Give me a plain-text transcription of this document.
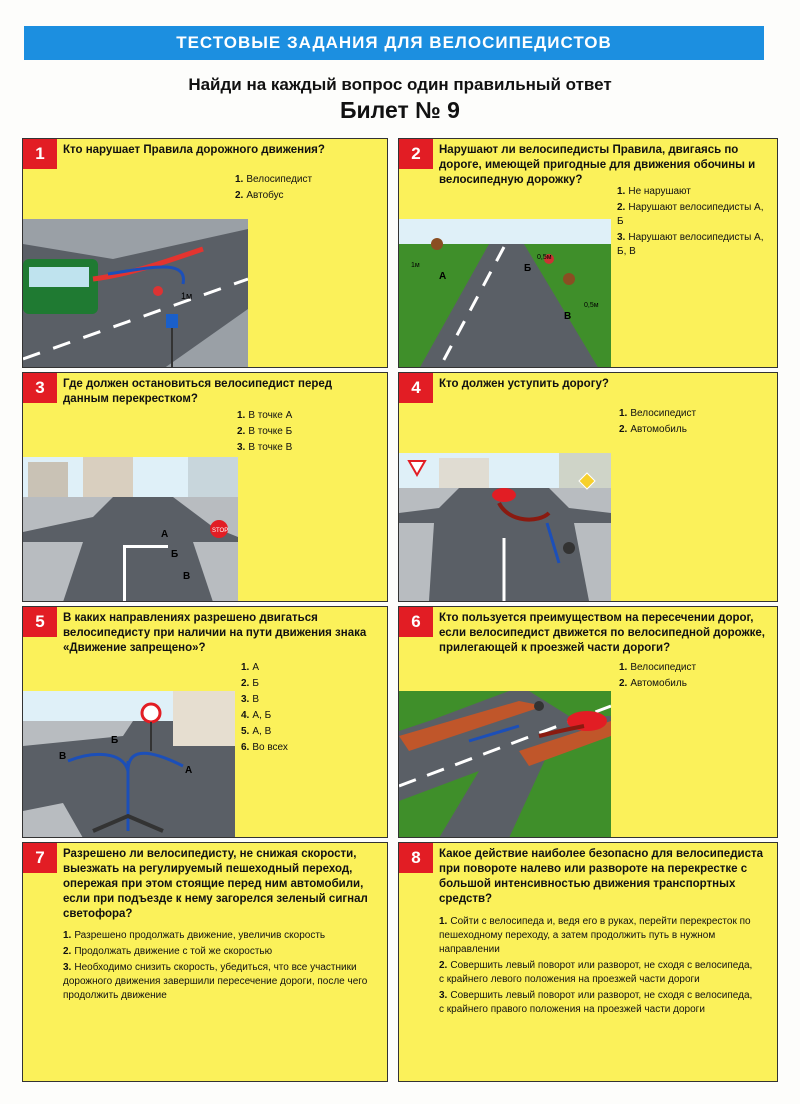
ТЕСТОВЫЕ ЗАДАНИЯ ДЛЯ ВЕЛОСИПЕДИСТОВ
Найди на каждый вопрос один правильный ответ
Билет № 9
1	Кто нарушает Правила дорожного движения?
1. Велосипедист
2. Автобус
1м
2	Нарушают ли велосипедисты Правила, двигаясь по дороге, имеющей пригодные для движения обочины и велосипедную дорожку?
1. Не нарушают
2. Нарушают велосипедисты А, Б
3. Нарушают велосипедисты А, Б, В
А
Б
В
1м
0,5м
0,5м
3	Где должен остановиться велосипедист перед данным перекрестком?
1. В точке А
2. В точке Б
3. В точке В
STOP
А
Б
В
4	Кто должен уступить дорогу?
1. Велосипедист
2. Автомобиль
5	В каких направлениях разрешено двигаться велосипедисту при наличии на пути движения знака «Движение запрещено»?
1. А
2. Б
3. В
4. А, Б
5. А, В
6. Во всех
Б
А
В
6	Кто пользуется преимуществом на пересечении дорог, если велосипедист движется по велосипедной дорожке, прилегающей к проезжей части дороги?
1. Велосипедист
2. Автомобиль
7	Разрешено ли велосипедисту, не снижая скорости, выезжать на регулируемый пешеходный переход, опережая при этом стоящие перед ним автомобили, если при подъезде к нему загорелся зеленый сигнал светофора?
1. Разрешено продолжать движение, увеличив скорость
2. Продолжать движение с той же скоростью
3. Необходимо снизить скорость, убедиться, что все участники дорожного движения завершили пересечение дороги, после чего продолжить движение
8	Какое действие наиболее безопасно для велосипедиста при повороте налево или развороте на перекрестке с большой интенсивностью движения транспортных средств?
1. Сойти с велосипеда и, ведя его в руках, перейти перекресток по пешеходному переходу, а затем продолжить путь в нужном направлении
2. Совершить левый поворот или разворот, не сходя с велосипеда, с крайнего левого положения на проезжей части дороги
3. Совершить левый поворот или разворот, не сходя с велосипеда, с крайнего правого положения на проезжей части дороги
